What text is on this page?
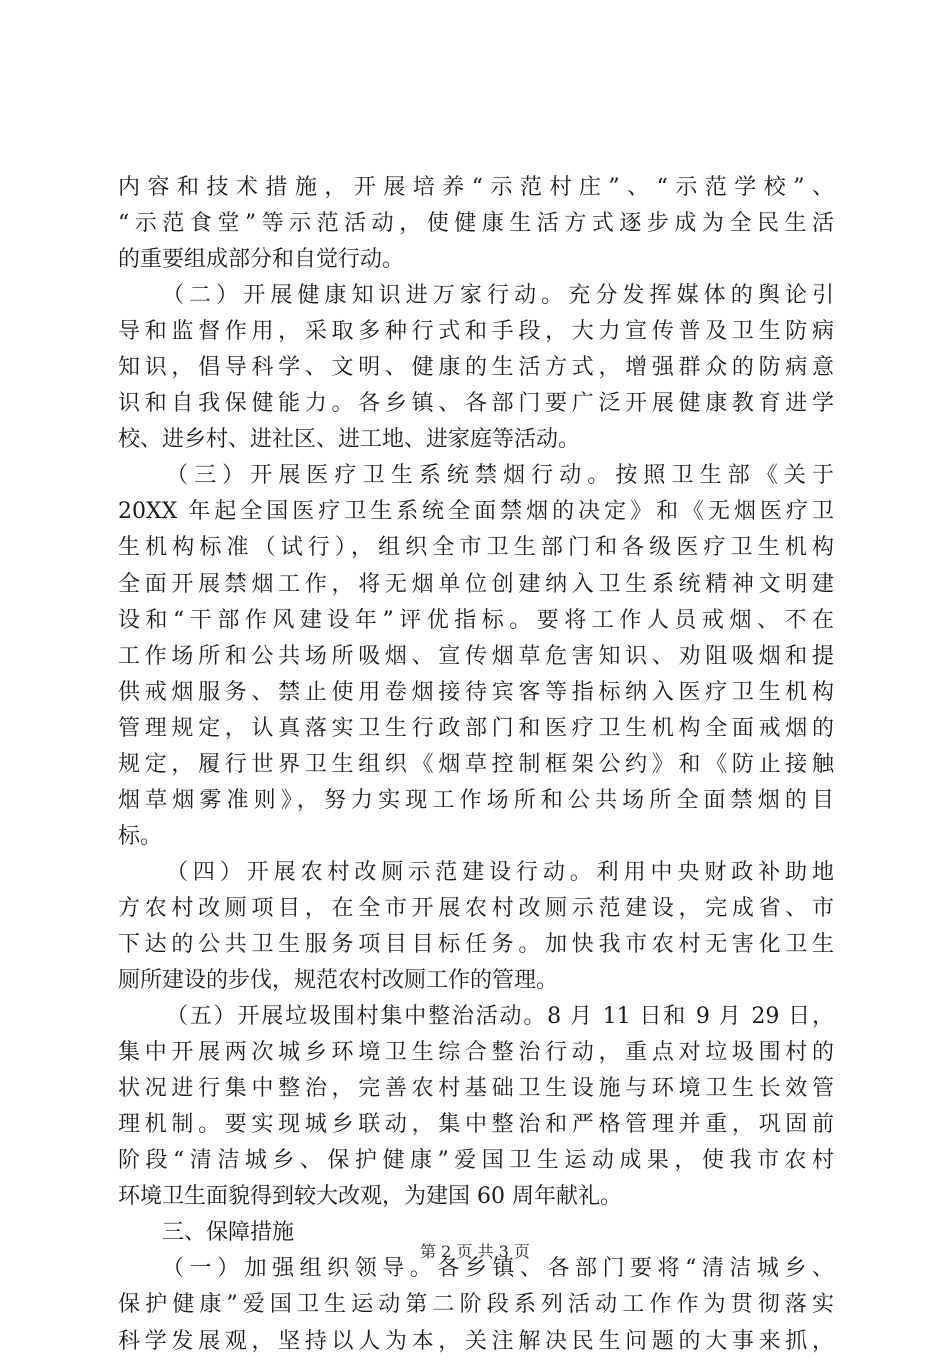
内容和技术措施，开展培养“示范村庄”、“示范学校”、
“示范食堂”等示范活动，使健康生活方式逐步成为全民生活
的重要组成部分和自觉行动。
（二）开展健康知识进万家行动。充分发挥媒体的舆论引
导和监督作用，采取多种行式和手段，大力宣传普及卫生防病
知识，倡导科学、文明、健康的生活方式，增强群众的防病意
识和自我保健能力。各乡镇、各部门要广泛开展健康教育进学
校、进乡村、进社区、进工地、进家庭等活动。
（三）开展医疗卫生系统禁烟行动。按照卫生部《关于
20XX 年起全国医疗卫生系统全面禁烟的决定》和《无烟医疗卫
生机构标准（试行），组织全市卫生部门和各级医疗卫生机构
全面开展禁烟工作，将无烟单位创建纳入卫生系统精神文明建
设和“干部作风建设年”评优指标。要将工作人员戒烟、不在
工作场所和公共场所吸烟、宣传烟草危害知识、劝阻吸烟和提
供戒烟服务、禁止使用卷烟接待宾客等指标纳入医疗卫生机构
管理规定，认真落实卫生行政部门和医疗卫生机构全面戒烟的
规定，履行世界卫生组织《烟草控制框架公约》和《防止接触
烟草烟雾准则》，努力实现工作场所和公共场所全面禁烟的目
标。
（四）开展农村改厕示范建设行动。利用中央财政补助地
方农村改厕项目，在全市开展农村改厕示范建设，完成省、市
下达的公共卫生服务项目目标任务。加快我市农村无害化卫生
厕所建设的步伐，规范农村改厕工作的管理。
（五）开展垃圾围村集中整治活动。8 月 11 日和 9 月 29 日，
集中开展两次城乡环境卫生综合整治行动，重点对垃圾围村的
状况进行集中整治，完善农村基础卫生设施与环境卫生长效管
理机制。要实现城乡联动，集中整治和严格管理并重，巩固前
阶段“清洁城乡、保护健康”爱国卫生运动成果，使我市农村
环境卫生面貌得到较大改观，为建国 60 周年献礼。
三、保障措施
（一）加强组织领导。各乡镇、各部门要将“清洁城乡、
保护健康”爱国卫生运动第二阶段系列活动工作作为贯彻落实
科学发展观，坚持以人为本，关注解决民生问题的大事来抓，
第 2 页 共 3 页
